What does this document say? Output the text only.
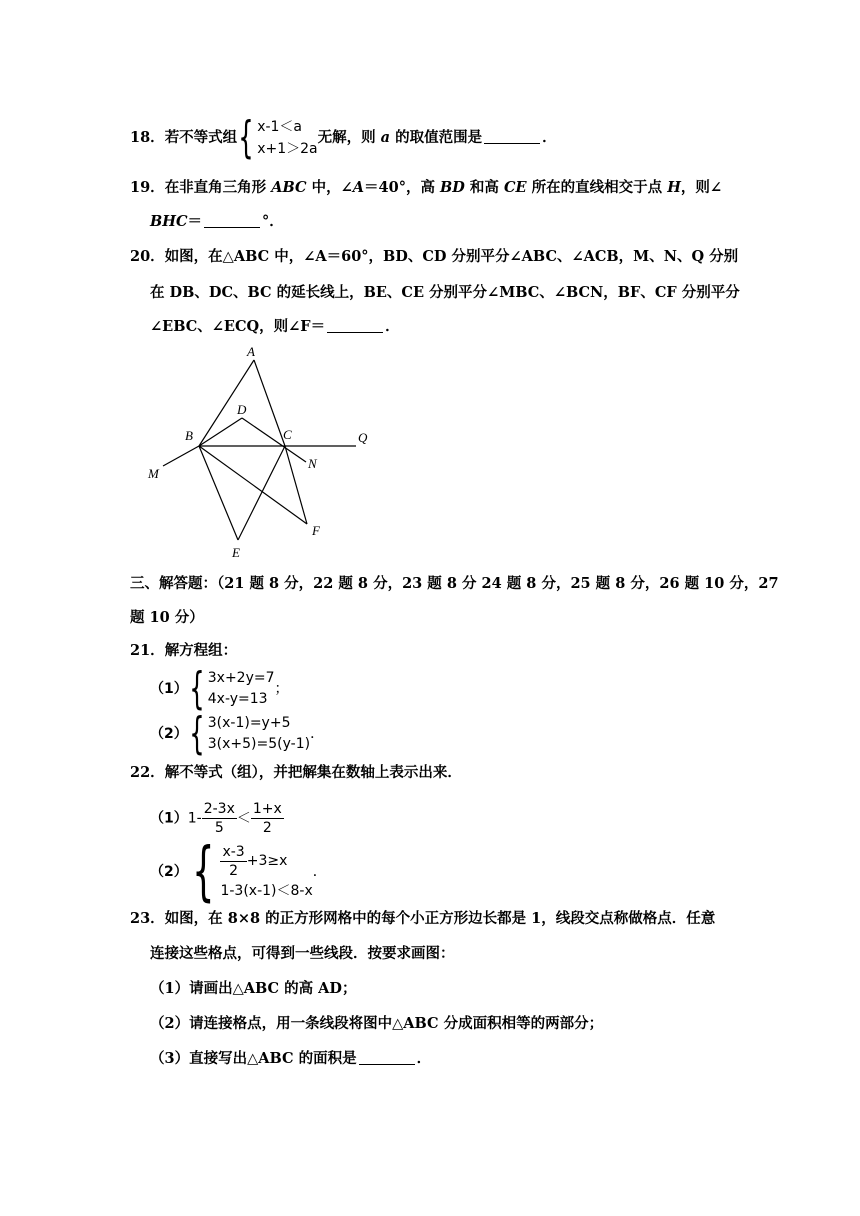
18．若不等式组 { x-1＜a
x+1＞2a
无解，则 a 的取值范围是	．
19．在非直角三角形 ABC 中，∠A＝40°，高 BD 和高 CE 所在的直线相交于点 H，则∠
BHC＝	°．
20．如图，在△ABC 中，∠A＝60°，BD、CD 分别平分∠ABC、∠ACB，M、N、Q 分别
在 DB、DC、BC 的延长线上，BE、CE 分别平分∠MBC、∠BCN，BF、CF 分别平分
∠EBC、∠ECQ，则∠F＝	．
A
D
B	C	Q
N
M
F
E
三、解答题：（21 题 8 分，22 题 8 分，23 题 8 分 24 题 8 分，25 题 8 分，26 题 10 分，27
题 10 分）
21．解方程组：
（1） { 3x+2y=7
4x-y=13
；
（2） { 3(x-1)=y+5
3(x+5)=5(y-1)
．
22．解不等式（组），并把解集在数轴上表示出来．
$(1)1- \frac{2-3x}{5} < \frac{1+x}{2}$
（2） { $\frac{x-3}{2} +3\ge x$
1-3(x-1)＜8-x
．
23．如图，在 8×8 的正方形网格中的每个小正方形边长都是 1，线段交点称做格点．任意
连接这些格点，可得到一些线段．按要求画图：
（1）请画出△ABC 的高 AD；
（2）请连接格点，用一条线段将图中△ABC 分成面积相等的两部分；
（3）直接写出△ABC 的面积是	．
